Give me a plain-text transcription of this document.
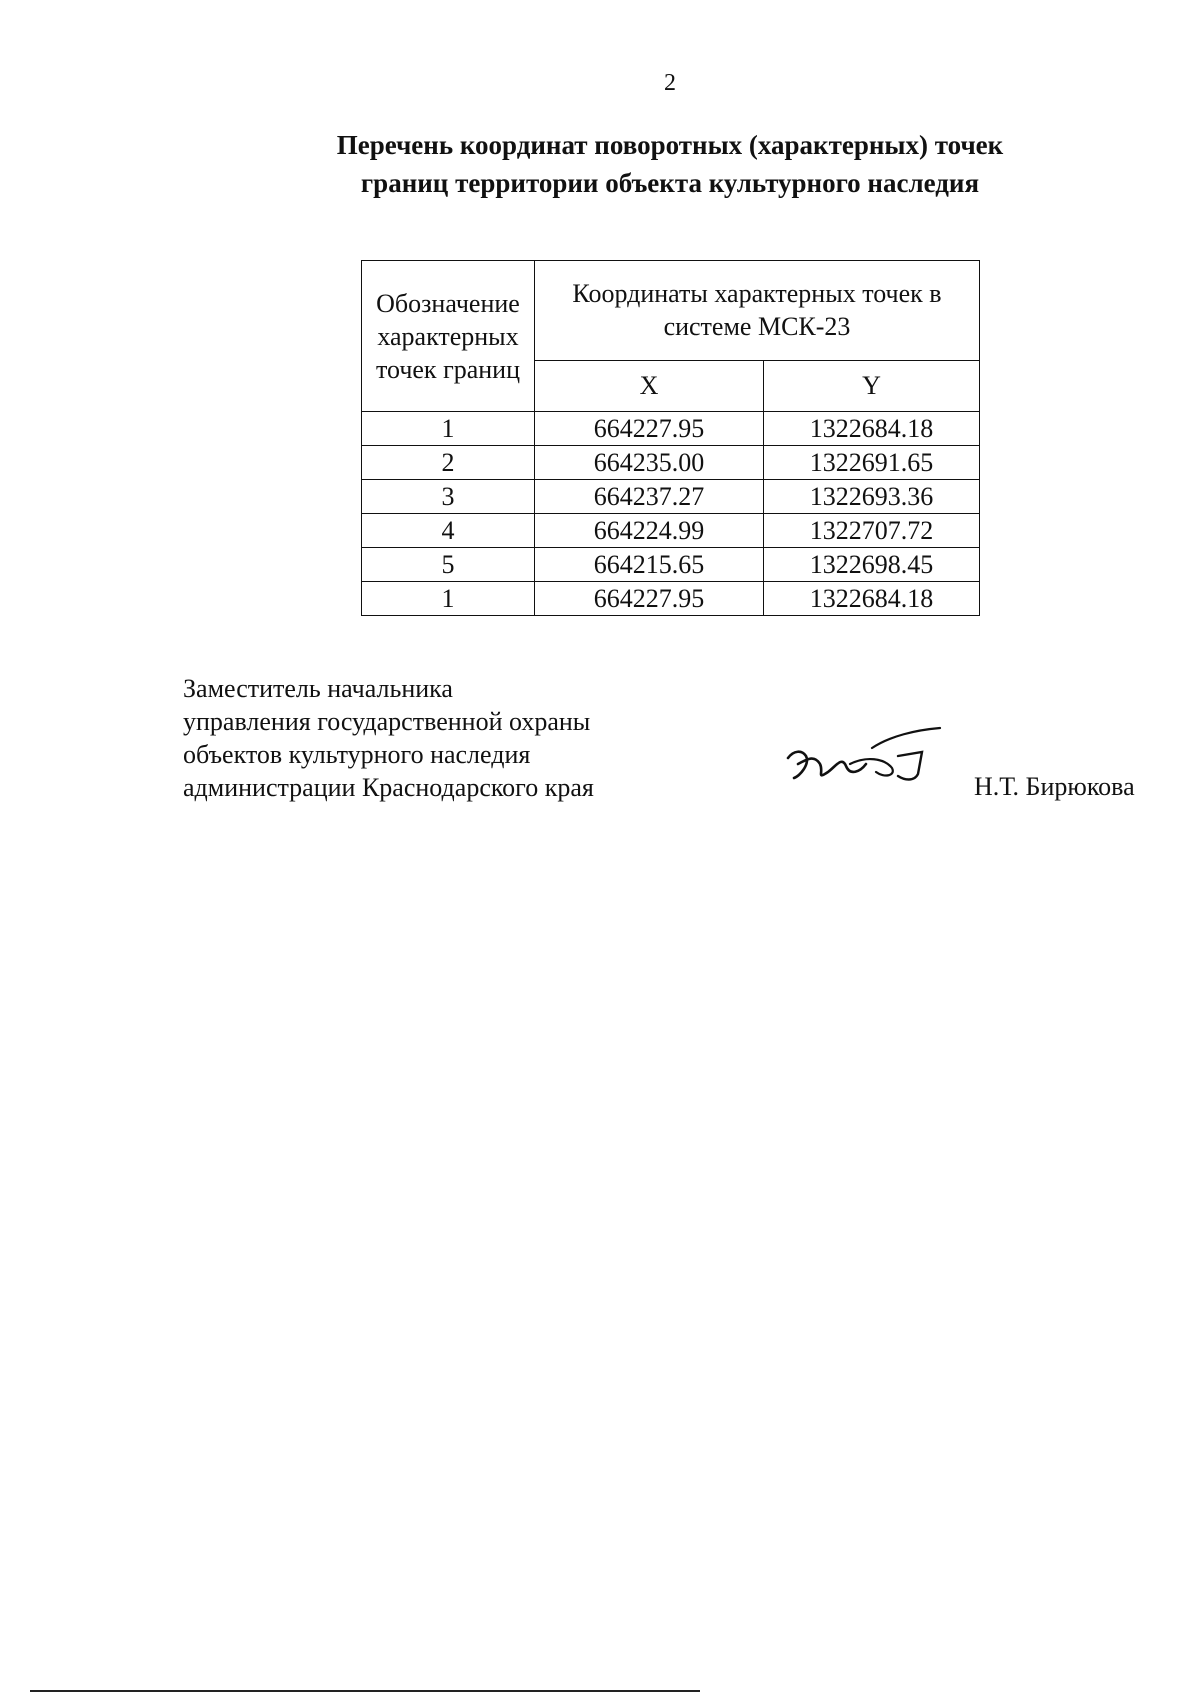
2
Перечень координат поворотных (характерных) точек
границ территории объекта культурного наследия
Обозначение характерных точек границ	Координаты характерных точек в системе МСК-23	
	X	Y
1	664227.95	1322684.18
2	664235.00	1322691.65
3	664237.27	1322693.36
4	664224.99	1322707.72
5	664215.65	1322698.45
1	664227.95	1322684.18
Заместитель начальника
управления государственной охраны
объектов культурного наследия
администрации Краснодарского края	Н.Т. Бирюкова
